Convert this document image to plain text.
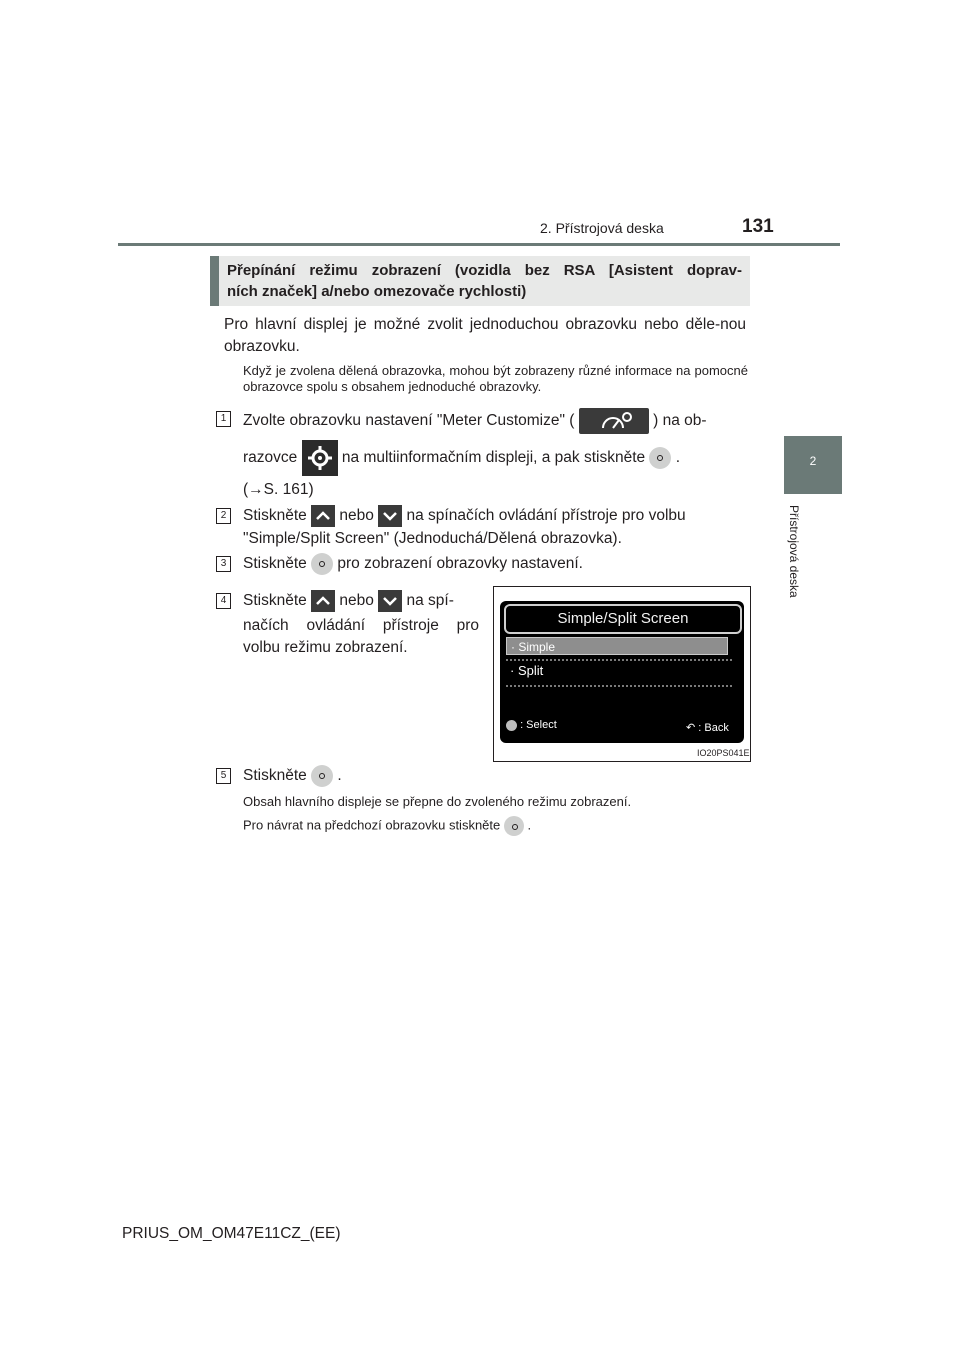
2. Přístrojová deska	131
2
Přístrojová deska
Přepínání režimu zobrazení (vozidla bez RSA [Asistent doprav-
ních značek] a/nebo omezovače rychlosti)
Pro hlavní displej je možné zvolit jednoduchou obrazovku nebo děle-nou obrazovku.
Když je zvolena dělená obrazovka, mohou být zobrazeny různé informace na pomocné obrazovce spolu s obsahem jednoduché obrazovky.
1	Zvolte obrazovku nastavení "Meter Customize" (	) na ob-
razovce	na multiinformačním displeji, a pak stiskněte .
(→S. 161)
2	Stiskněte nebo na spínačích ovládání přístroje pro volbu
"Simple/Split Screen" (Jednoduchá/Dělená obrazovka).
3	Stiskněte pro zobrazení obrazovky nastavení.
4	Stiskněte nebo na spí-
načích ovládání přístroje pro
volbu režimu zobrazení.
Simple/Split Screen
· Simple
· Split
: Select	↶ : Back
IO20PS041E
5	Stiskněte .
Obsah hlavního displeje se přepne do zvoleného režimu zobrazení.
Pro návrat na předchozí obrazovku stiskněte .
PRIUS_OM_OM47E11CZ_(EE)
